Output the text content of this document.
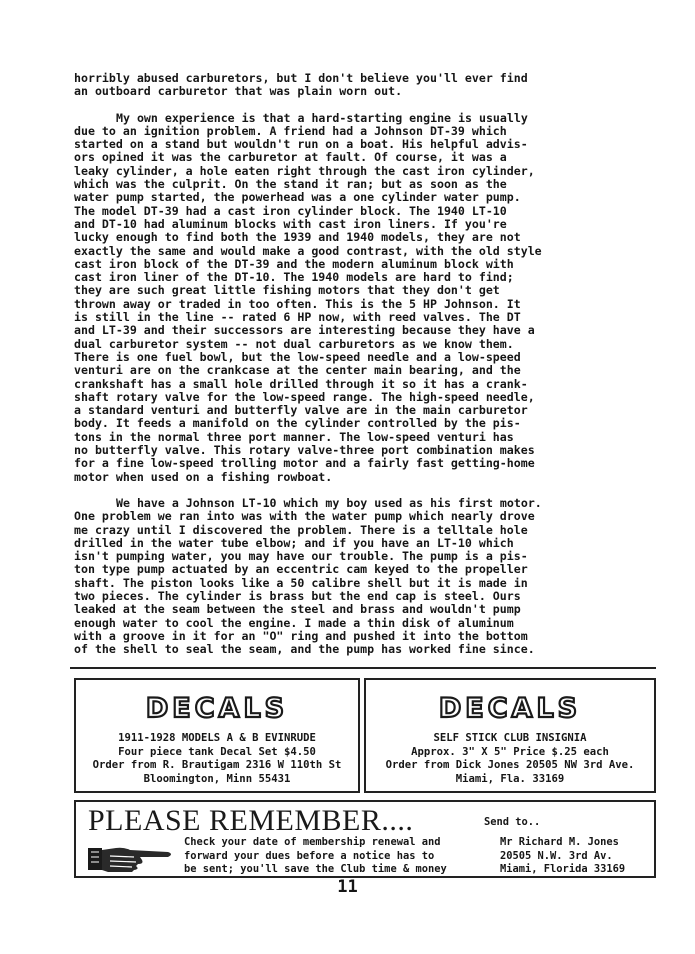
horribly abused carburetors, but I don't believe you'll ever find
an outboard carburetor that was plain worn out.

My own experience is that a hard-starting engine is usually
due to an ignition problem. A friend had a Johnson DT-39 which
started on a stand but wouldn't run on a boat. His helpful advis-
ors opined it was the carburetor at fault. Of course, it was a
leaky cylinder, a hole eaten right through the cast iron cylinder,
which was the culprit. On the stand it ran; but as soon as the
water pump started, the powerhead was a one cylinder water pump.
The model DT-39 had a cast iron cylinder block. The 1940 LT-10
and DT-10 had aluminum blocks with cast iron liners. If you're
lucky enough to find both the 1939 and 1940 models, they are not
exactly the same and would make a good contrast, with the old style
cast iron block of the DT-39 and the modern aluminum block with
cast iron liner of the DT-10. The 1940 models are hard to find;
they are such great little fishing motors that they don't get
thrown away or traded in too often. This is the 5 HP Johnson. It
is still in the line -- rated 6 HP now, with reed valves. The DT
and LT-39 and their successors are interesting because they have a
dual carburetor system -- not dual carburetors as we know them.
There is one fuel bowl, but the low-speed needle and a low-speed
venturi are on the crankcase at the center main bearing, and the
crankshaft has a small hole drilled through it so it has a crank-
shaft rotary valve for the low-speed range. The high-speed needle,
a standard venturi and butterfly valve are in the main carburetor
body. It feeds a manifold on the cylinder controlled by the pis-
tons in the normal three port manner. The low-speed venturi has
no butterfly valve. This rotary valve-three port combination makes
for a fine low-speed trolling motor and a fairly fast getting-home
motor when used on a fishing rowboat.

We have a Johnson LT-10 which my boy used as his first motor.
One problem we ran into was with the water pump which nearly drove
me crazy until I discovered the problem. There is a telltale hole
drilled in the water tube elbow; and if you have an LT-10 which
isn't pumping water, you may have our trouble. The pump is a pis-
ton type pump actuated by an eccentric cam keyed to the propeller
shaft. The piston looks like a 50 calibre shell but it is made in
two pieces. The cylinder is brass but the end cap is steel. Ours
leaked at the seam between the steel and brass and wouldn't pump
enough water to cool the engine. I made a thin disk of aluminum
with a groove in it for an "O" ring and pushed it into the bottom
of the shell to seal the seam, and the pump has worked fine since.

DECALS
1911-1928 MODELS A & B EVINRUDE
Four piece tank Decal Set $4.50
Order from R. Brautigam 2316 W 110th St
Bloomington, Minn 55431
DECALS
SELF STICK CLUB INSIGNIA
Approx. 3" X 5" Price $.25 each
Order from Dick Jones 20505 NW 3rd Ave.
Miami, Fla. 33169
PLEASE REMEMBER....
Check your date of membership renewal and
forward your dues before a notice has to
be sent; you'll save the Club time & money
Send to..
Mr Richard M. Jones
20505 N.W. 3rd Av.
Miami, Florida 33169
11
